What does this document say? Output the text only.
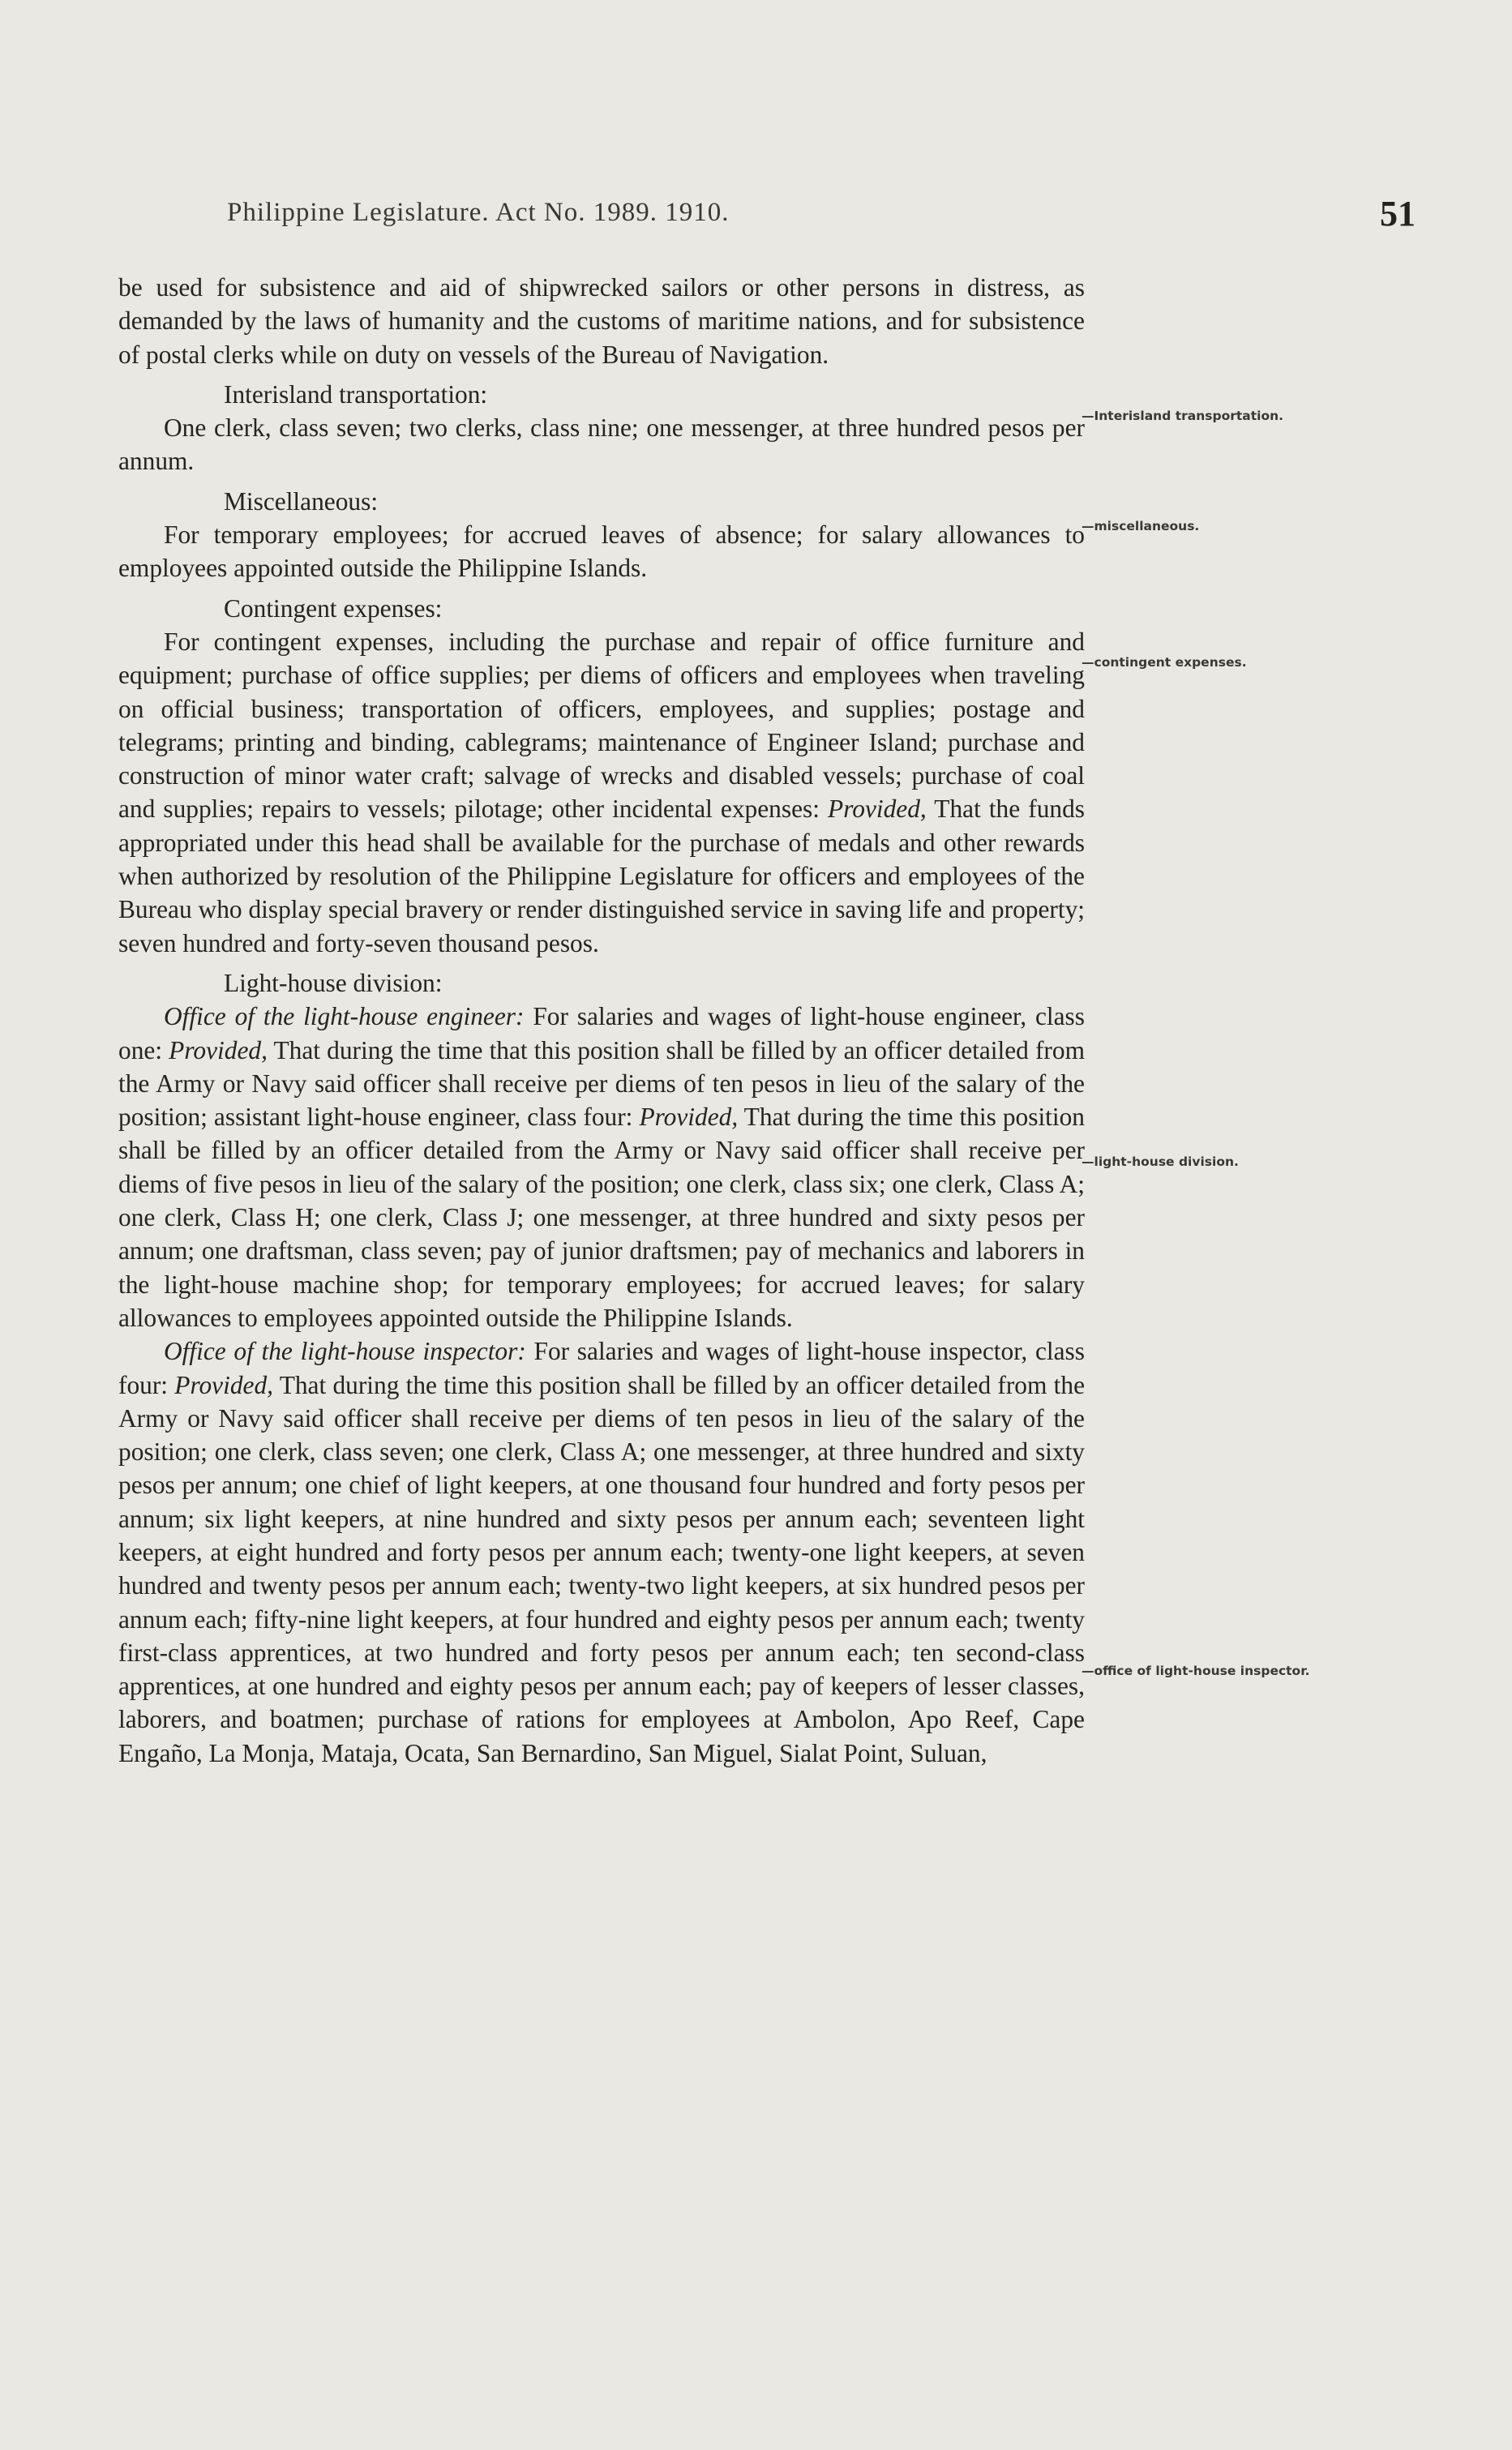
Philippine Legislature. Act No. 1989. 1910.	51

be used for subsistence and aid of shipwrecked sailors or other persons in distress, as demanded by the laws of humanity and the customs of maritime nations, and for subsistence of postal clerks while on duty on vessels of the Bureau of Navigation.

Interisland transportation:

One clerk, class seven; two clerks, class nine; one messenger, at three hundred pesos per annum.

Miscellaneous:

For temporary employees; for accrued leaves of absence; for salary allowances to employees appointed outside the Philippine Islands.

Contingent expenses:

For contingent expenses, including the purchase and repair of office furniture and equipment; purchase of office supplies; per diems of officers and employees when traveling on official business; transportation of officers, employees, and supplies; postage and telegrams; printing and binding, cablegrams; maintenance of Engineer Island; purchase and construction of minor water craft; salvage of wrecks and disabled vessels; purchase of coal and supplies; repairs to vessels; pilotage; other incidental expenses: Provided, That the funds appropriated under this head shall be available for the purchase of medals and other rewards when authorized by resolution of the Philippine Legislature for officers and employees of the Bureau who display special bravery or render distinguished service in saving life and property; seven hundred and forty-seven thousand pesos.

Light-house division:

Office of the light-house engineer: For salaries and wages of light-house engineer, class one: Provided, That during the time that this position shall be filled by an officer detailed from the Army or Navy said officer shall receive per diems of ten pesos in lieu of the salary of the position; assistant light-house engineer, class four: Provided, That during the time this position shall be filled by an officer detailed from the Army or Navy said officer shall receive per diems of five pesos in lieu of the salary of the position; one clerk, class six; one clerk, Class A; one clerk, Class H; one clerk, Class J; one messenger, at three hundred and sixty pesos per annum; one draftsman, class seven; pay of junior draftsmen; pay of mechanics and laborers in the light-house machine shop; for temporary employees; for accrued leaves; for salary allowances to employees appointed outside the Philippine Islands.

Office of the light-house inspector: For salaries and wages of light-house inspector, class four: Provided, That during the time this position shall be filled by an officer detailed from the Army or Navy said officer shall receive per diems of ten pesos in lieu of the salary of the position; one clerk, class seven; one clerk, Class A; one messenger, at three hundred and sixty pesos per annum; one chief of light keepers, at one thousand four hundred and forty pesos per annum; six light keepers, at nine hundred and sixty pesos per annum each; seventeen light keepers, at eight hundred and forty pesos per annum each; twenty-one light keepers, at seven hundred and twenty pesos per annum each; twenty-two light keepers, at six hundred pesos per annum each; fifty-nine light keepers, at four hundred and eighty pesos per annum each; twenty first-class apprentices, at two hundred and forty pesos per annum each; ten second-class apprentices, at one hundred and eighty pesos per annum each; pay of keepers of lesser classes, laborers, and boatmen; purchase of rations for employees at Ambolon, Apo Reef, Cape Engaño, La Monja, Mataja, Ocata, San Bernardino, San Miguel, Sialat Point, Suluan,

—Interisland transportation.
—miscellaneous.
—contingent expenses.
—light-house division.
—office of light-house inspector.
